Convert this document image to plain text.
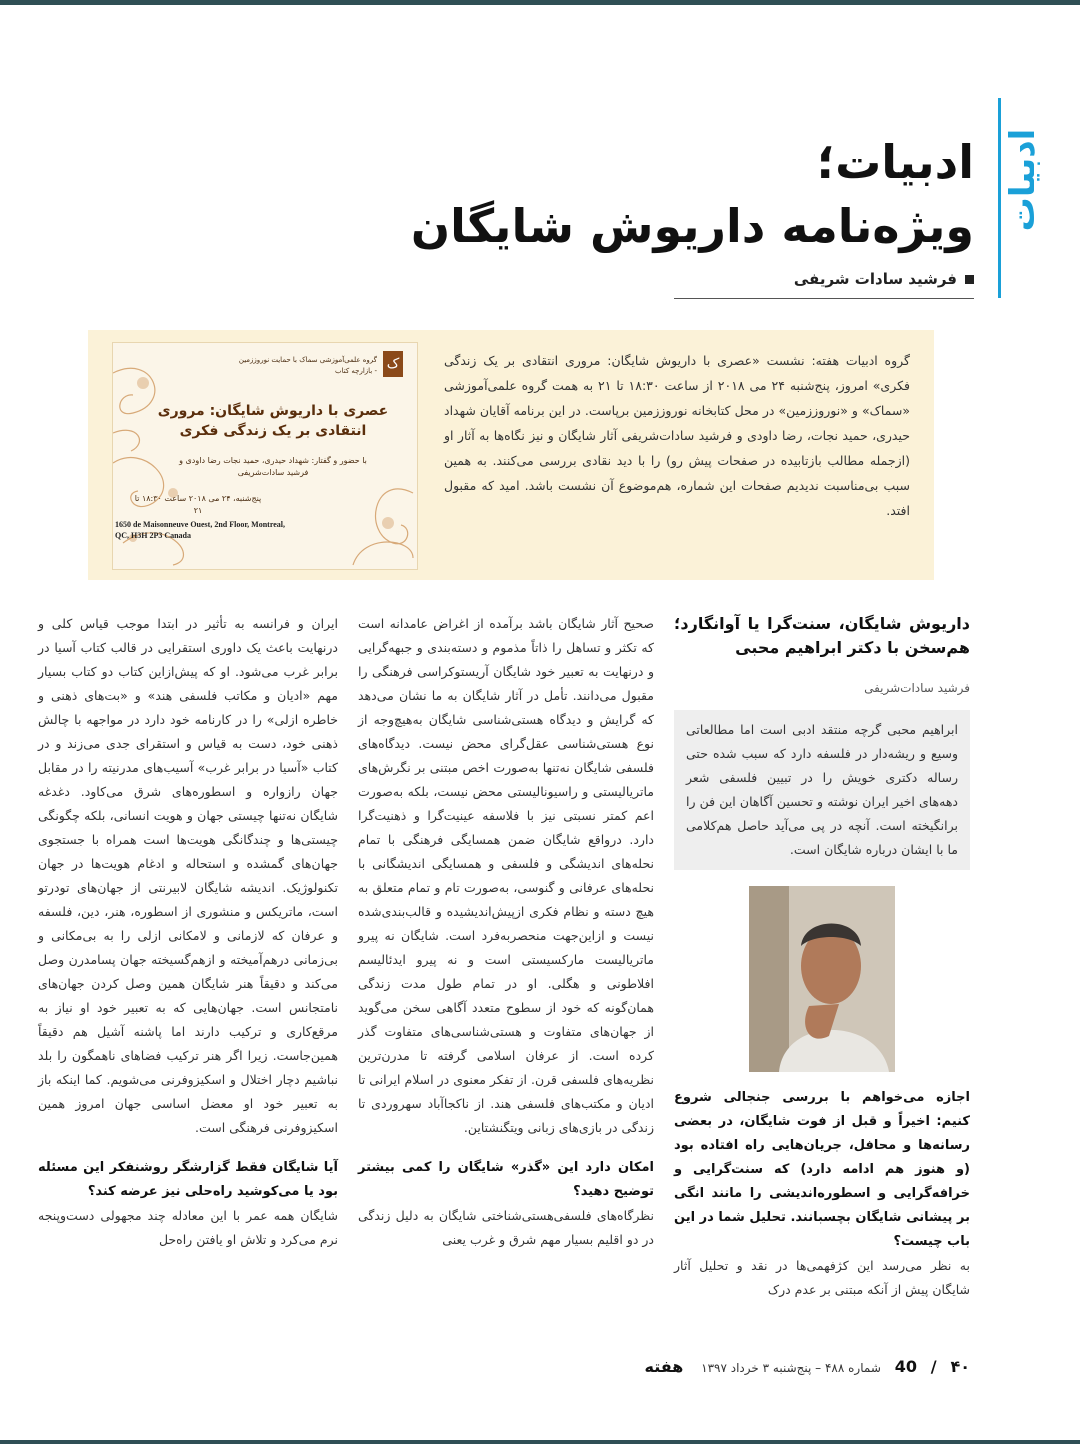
ادبیات
ادبیات؛
ویژه‌نامه داریوش شایگان
فرشید سادات شریفی
گروه ادبیات هفته: نشست «عصری با داریوش شایگان: مروری انتقادی بر یک زندگی فکری» امروز، پنج‌شنبه ۲۴ می ۲۰۱۸ از ساعت ۱۸:۳۰ تا ۲۱ به همت گروه علمی‌آموزشی «سماک» و «نوروززمین» در محل کتابخانه نوروززمین برپاست. در این برنامه آقایان شهداد حیدری، حمید نجات، رضا داودی و فرشید سادات‌شریفی آثار شایگان و نیز نگاه‌ها به آثار او (ازجمله مطالب بازتابیده در صفحات پیش رو) را با دید نقادی بررسی می‌کنند. به همین سبب بی‌مناسبت ندیدیم صفحات این شماره، هم‌موضوع آن نشست باشد. امید که مقبول افتد.
ک
گروه علمی‌آموزشی سماک با حمایت نوروززمین - بازارچه کتاب
عصری با داریوش شایگان: مروری انتقادی بر یک زندگی فکری
با حضور و گفتار: شهداد حیدری، حمید نجات رضا داودی و فرشید سادات‌شریفی
پنج‌شنبه، ۲۴ می ۲۰۱۸ ساعت ۱۸:۳۰ تا ۲۱
1650 de Maisonneuve Ouest, 2nd Floor, Montreal, QC, H3H 2P3 Canada
داریوش شایگان، سنت‌گرا یا آوانگارد؛ هم‌سخن با دکتر ابراهیم محبی
فرشید سادات‌شریفی
ابراهیم محبی گرچه منتقد ادبی است اما مطالعاتی وسیع و ریشه‌دار در فلسفه دارد که سبب شده حتی رساله دکتری خویش را در تبیین فلسفی شعر دهه‌های اخیر ایران نوشته و تحسین آگاهان این فن را برانگیخته است. آنچه در پی می‌آید حاصل هم‌کلامی ما با ایشان درباره شایگان است.
اجازه می‌خواهم با بررسی جنجالی شروع کنیم: اخیراً و قبل از فوت شایگان، در بعضی رسانه‌ها و محافل، جریان‌هایی راه افتاده بود (و هنوز هم ادامه دارد) که سنت‌گرایی و خرافه‌گرایی و اسطوره‌اندیشی را مانند انگی بر پیشانی شایگان بچسبانند. تحلیل شما در این باب چیست؟
به نظر می‌رسد این کژفهمی‌ها در نقد و تحلیل آثار شایگان پیش از آنکه مبتنی بر عدم درک
صحیح آثار شایگان باشد برآمده از اغراض عامدانه است که تکثر و تساهل را ذاتاً مذموم و دسته‌بندی و جبهه‌گرایی و درنهایت به تعبیر خود شایگان آریستوکراسی فرهنگی را مقبول می‌دانند. تأمل در آثار شایگان به ما نشان می‌دهد که گرایش و دیدگاه هستی‌شناسی شایگان به‌هیچ‌وجه از نوع هستی‌شناسی عقل‌گرای محض نیست. دیدگاه‌های فلسفی شایگان نه‌تنها به‌صورت اخص مبتنی بر نگرش‌های ماتریالیستی و راسیونالیستی محض نیست، بلکه به‌صورت اعم کمتر نسبتی نیز با فلاسفه عینیت‌گرا و ذهنیت‌گرا دارد. درواقع شایگان ضمن همسایگی فرهنگی با تمام نحله‌های اندیشگی و فلسفی و همسایگی اندیشگانی با نحله‌های عرفانی و گنوسی، به‌صورت تام و تمام متعلق به هیچ دسته و نظام فکری ازپیش‌اندیشیده و قالب‌بندی‌شده نیست و ازاین‌جهت منحصربه‌فرد است. شایگان نه پیرو ماتریالیست مارکسیستی است و نه پیرو ایدئالیسم افلاطونی و هگلی. او در تمام طول مدت زندگی همان‌گونه که خود از سطوح متعدد آگاهی سخن می‌گوید از جهان‌های متفاوت و هستی‌شناسی‌های متفاوت گذر کرده است. از عرفان اسلامی گرفته تا مدرن‌ترین نظریه‌های فلسفی قرن. از تفکر معنوی در اسلام ایرانی تا ادیان و مکتب‌های فلسفی هند. از ناکجاآباد سهروردی تا زندگی در بازی‌های زبانی ویتگنشتاین.
امکان دارد این «گذر» شایگان را کمی بیشتر توضیح دهید؟
نظرگاه‌های فلسفی‌هستی‌شناختی شایگان به دلیل زندگی در دو اقلیم بسیار مهم شرق و غرب یعنی
ایران و فرانسه به تأثیر در ابتدا موجب قیاس کلی و درنهایت باعث یک داوری استقرایی در قالب کتاب آسیا در برابر غرب می‌شود. او که پیش‌ازاین کتاب دو کتاب بسیار مهم «ادیان و مکاتب فلسفی هند» و «بت‌های ذهنی و خاطره ازلی» را در کارنامه خود دارد در مواجهه با چالش ذهنی خود، دست به قیاس و استقرای جدی می‌زند و در کتاب «آسیا در برابر غرب» آسیب‌های مدرنیته را در مقابل جهان رازواره و اسطوره‌های شرق می‌کاود. دغدغه شایگان نه‌تنها چیستی جهان و هویت انسانی، بلکه چگونگی چیستی‌ها و چندگانگی هویت‌ها است همراه با جستجوی جهان‌های گمشده و استحاله و ادغام هویت‌ها در جهان تکنولوژیک. اندیشه شایگان لابیرنتی از جهان‌های تودرتو است، ماتریکس و منشوری از اسطوره، هنر، دین، فلسفه و عرفان که لازمانی و لامکانی ازلی را به بی‌مکانی و بی‌زمانی درهم‌آمیخته و ازهم‌گسیخته جهان پسامدرن وصل می‌کند و دقیقاً هنر شایگان همین وصل کردن جهان‌های نامتجانس است. جهان‌هایی که به تعبیر خود او نیاز به مرقع‌کاری و ترکیب دارند اما پاشنه آشیل هم دقیقاً همین‌جاست. زیرا اگر هنر ترکیب فضاهای ناهمگون را بلد نباشیم دچار اختلال و اسکیزوفرنی می‌شویم. کما اینکه باز به تعبیر خود او معضل اساسی جهان امروز همین اسکیزوفرنی فرهنگی است.
آیا شایگان فقط گزارشگر روشنفکر این مسئله بود یا می‌کوشید راه‌حلی نیز عرضه کند؟
شایگان همه عمر با این معادله چند مجهولی دست‌وپنجه نرم می‌کرد و تلاش او یافتن راه‌حل
۴۰ / 40 شماره ۴۸۸ – پنج‌شنبه ۳ خرداد ۱۳۹۷ هفته
